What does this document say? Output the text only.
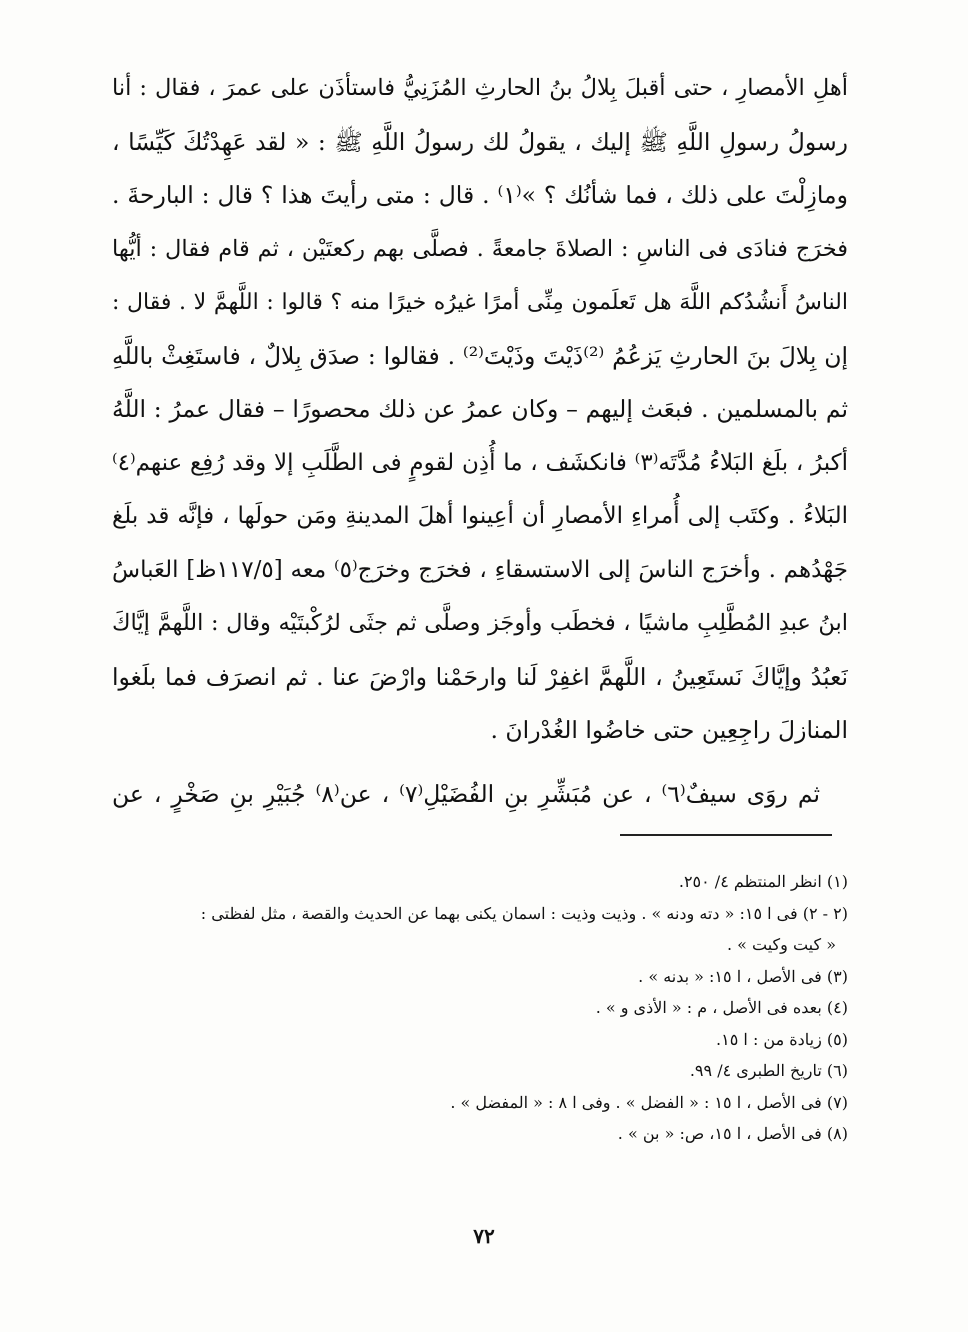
أهلِ الأمصارِ ، حتى أقبلَ بِلالُ بنُ الحارثِ المُزَنِيُّ فاستأذَن على عمرَ ، فقال : أنا
رسولُ رسولِ اللَّهِ ﷺ إليك ، يقولُ لك رسولُ اللَّهِ ﷺ : « لقد عَهِدْتُكَ كَيِّسًا ،
ومازِلْتَ على ذلك ، فما شأنُك ؟ »⁽١⁾ . قال : متى رأيتَ هذا ؟ قال : البارحةَ .
فخرَج فنادَى فى الناسِ : الصلاةَ جامعةً . فصلَّى بهم ركعتَيْن ، ثم قام فقال : أيُّها
الناسُ أَنشُدُكم اللَّهَ هل تَعلَمون مِنِّى أمرًا غيرُه خيرًا منه ؟ قالوا : اللَّهمَّ لا . فقال :
إن بِلالَ بنَ الحارثِ يَزعُمُ ⁽²⁾ذَيْتَ وذَيْتَ⁽²⁾ . فقالوا : صدَق بِلالٌ ، فاستَغِثْ باللَّهِ
ثم بالمسلمين . فبعَث إليهم – وكان عمرُ عن ذلك محصورًا – فقال عمرُ : اللَّهُ
أكبرُ ، بلَغ البَلاءُ مُدَّتَه⁽٣⁾ فانكشَف ، ما أُذِن لقومٍ فى الطَّلَبِ إلا وقد رُفِع عنهم⁽٤⁾
البَلاءُ . وكتَب إلى أُمراءِ الأمصارِ أن أعِينوا أهلَ المدينةِ ومَن حولَها ، فإنَّه قد بلَغ
جَهْدُهم . وأخرَج الناسَ إلى الاستسقاءِ ، فخرَج وخرَج⁽٥⁾ معه [١١٧/٥ظ] العَباسُ
ابنُ عبدِ المُطَّلِبِ ماشيًا ، فخطَب وأوجَز وصلَّى ثم جثَى لرُكْبتَيْه وقال : اللَّهمَّ إيَّاكَ
نَعبُدُ وإيَّاكَ نَستَعِينُ ، اللَّهمَّ اغفِرْ لَنا وارحَمْنا وارْضَ عنا . ثم انصرَف فما بلَغوا
المنازلَ راجِعِين حتى خاضُوا الغُدْرانَ .
ثم روَى سيفٌ⁽٦⁾ ، عن مُبَشِّرِ بنِ الفُضَيْلِ⁽٧⁾ ، عن⁽٨⁾ جُبَيْرِ بنِ صَخْرٍ ، عن
(١) انظر المنتظم ٤/ ٢٥٠.
(٢ - ٢) فى ا ١٥: « دته ودنه » . وذيت وذيت : اسمان يكنى بهما عن الحديث والقصة ، مثل لفظتى :
« كيت وكيت » .
(٣) فى الأصل ، ا ١٥: « بدنه » .
(٤) بعده فى الأصل ، م : « الأذى و » .
(٥) زيادة من : ا ١٥.
(٦) تاريخ الطبرى ٤/ ٩٩.
(٧) فى الأصل ، ا ١٥ : « الفضل » . وفى ا ٨ : « المفضل » .
(٨) فى الأصل ، ا ١٥، ص: « بن » .
٧٢
